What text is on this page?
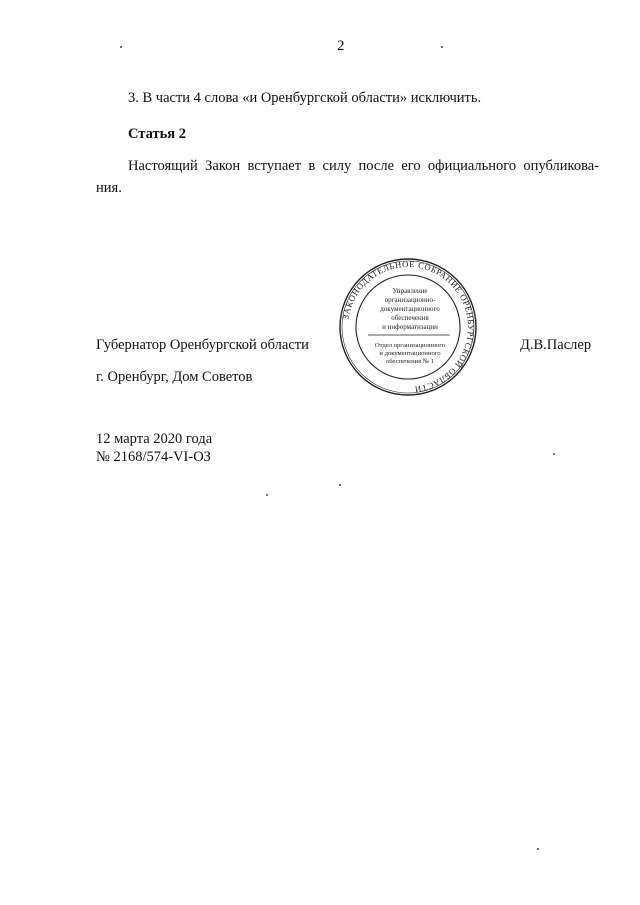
2
3. В части 4 слова «и Оренбургской области» исключить.
Статья 2
Настоящий Закон вступает в силу после его официального опубликова-
ния.
Губернатор Оренбургской области	Д.В.Паслер
г. Оренбург, Дом Советов
12 марта 2020 года
№ 2168/574-VI-ОЗ
ЗАКОНОДАТЕЛЬНОЕ СОБРАНИЕ ОРЕНБУРГСКОЙ ОБЛАСТИ
Управление
организационно-
документационного
обеспечения
и информатизации
Отдел организационного
и документационного
обеспечения № 1
